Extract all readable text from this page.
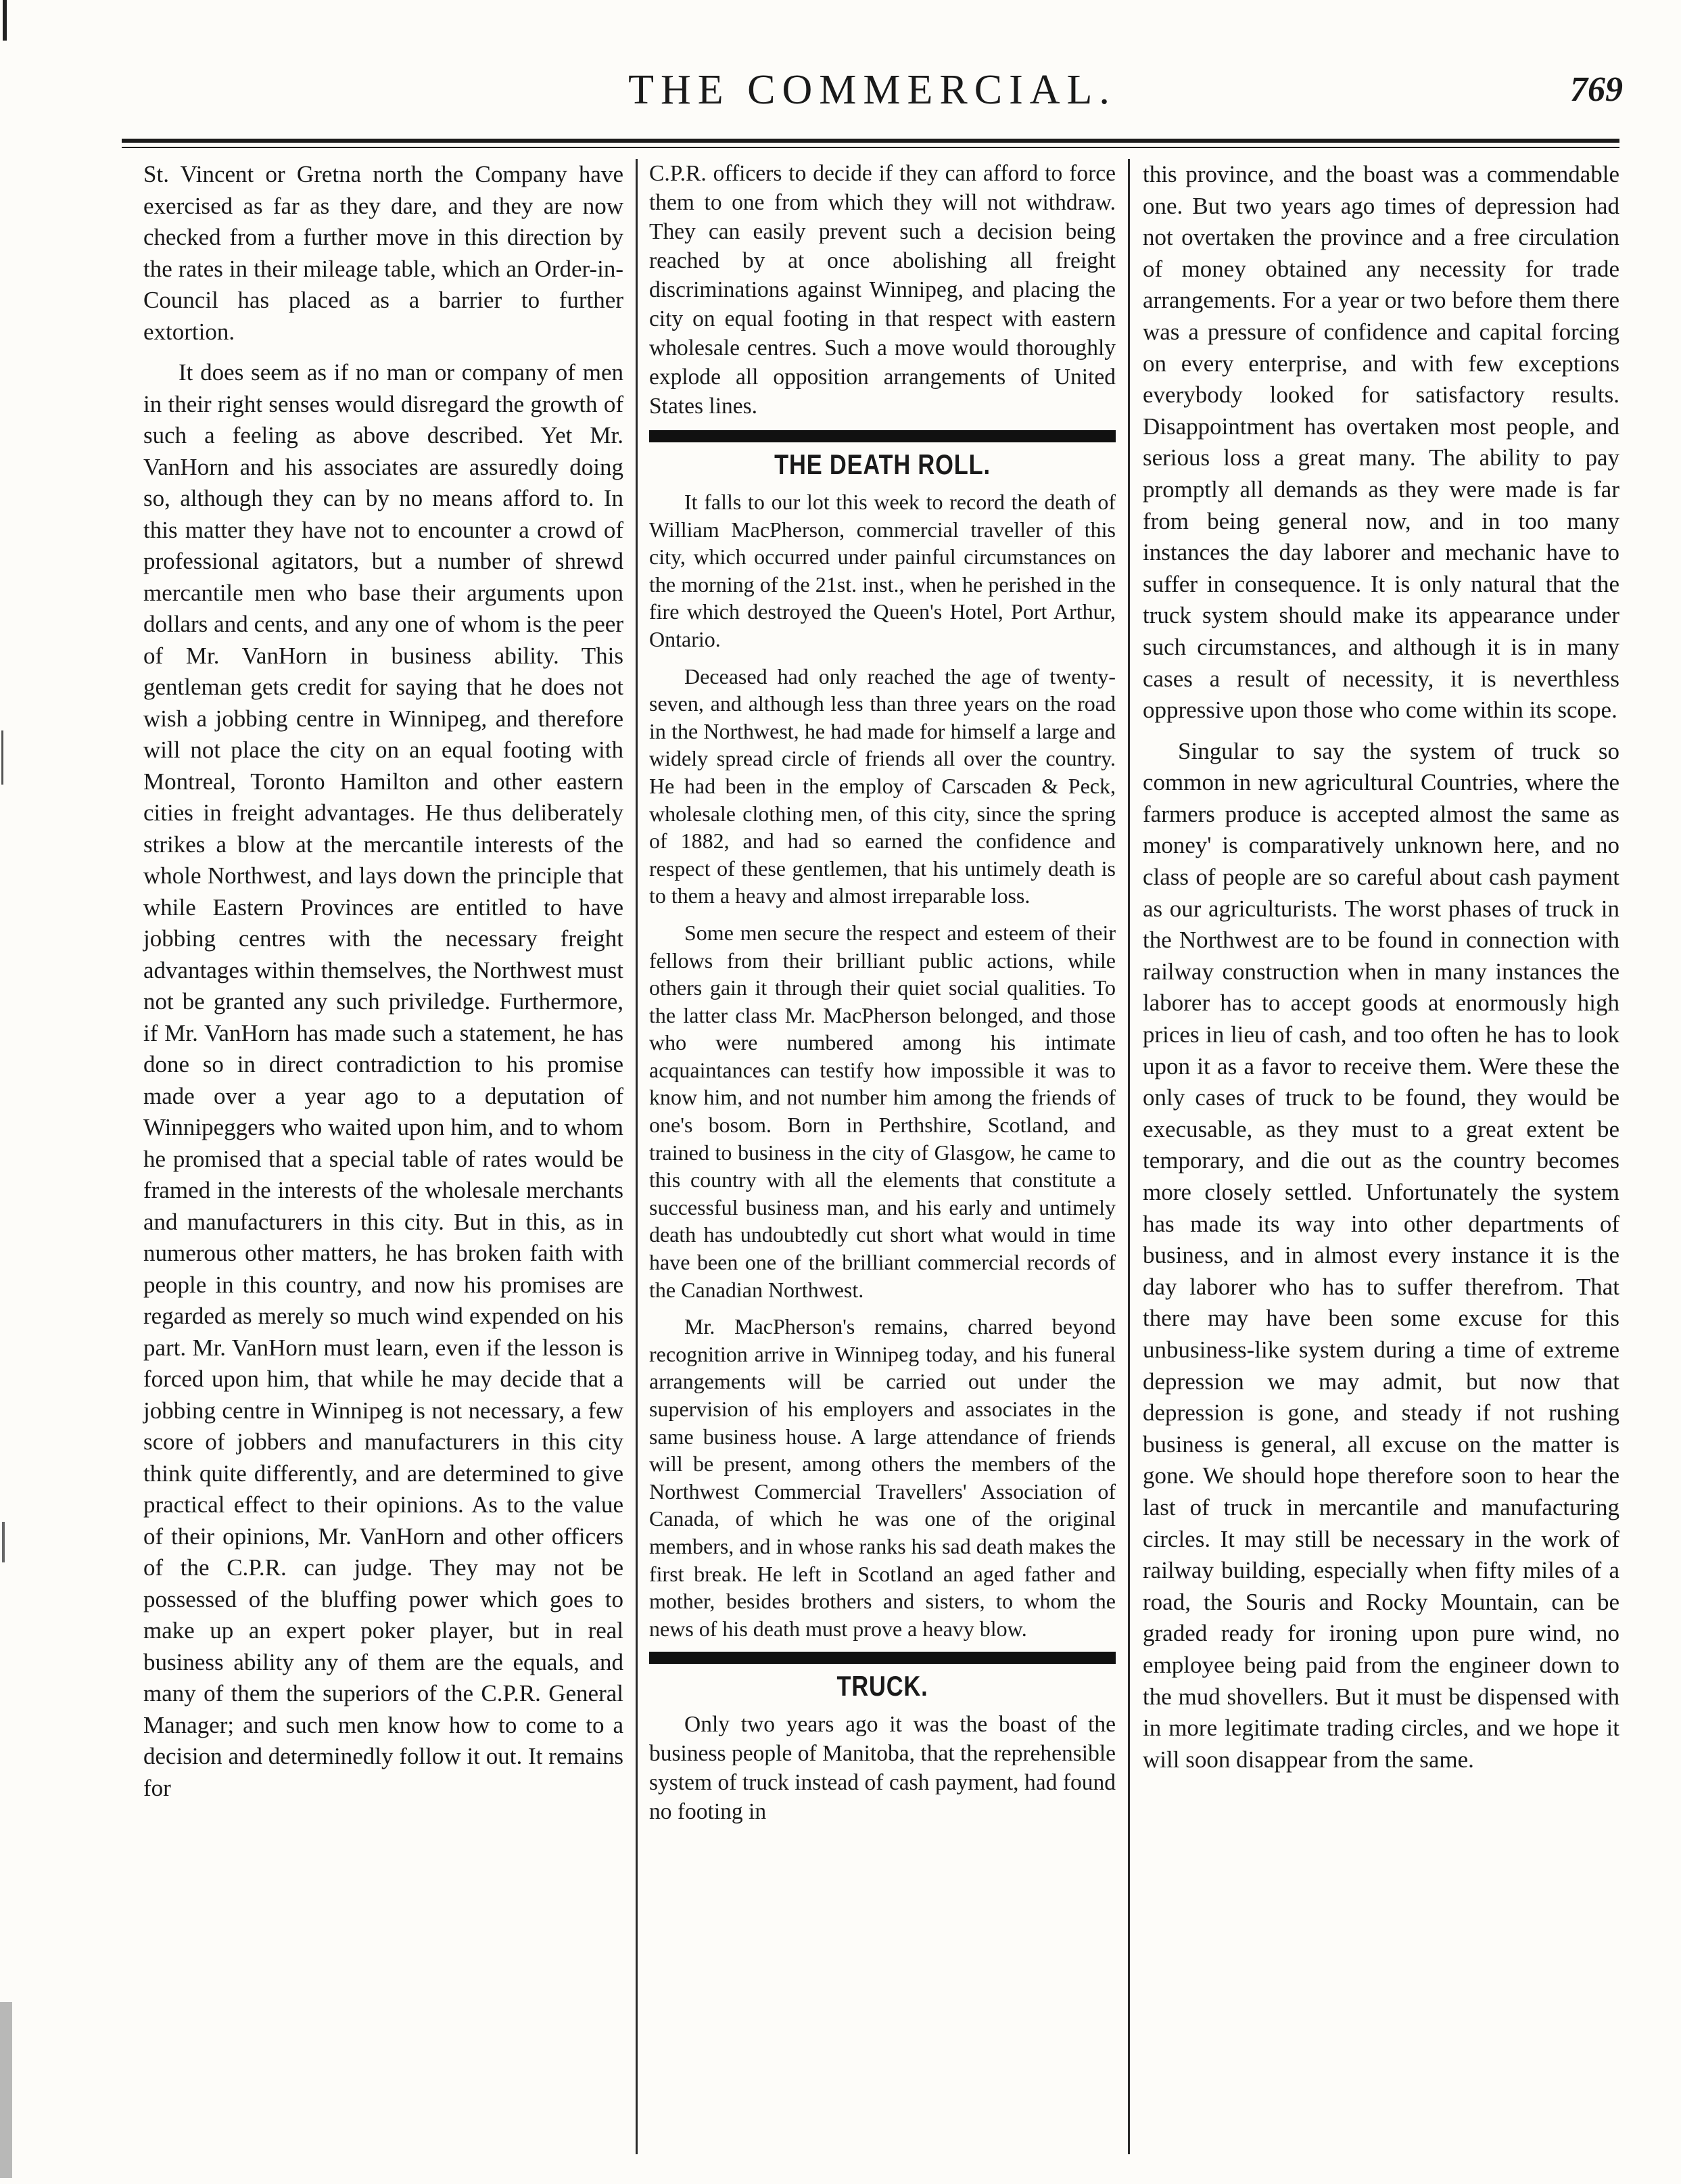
THE COMMERCIAL.	769

St. Vincent or Gretna north the Company have exercised as far as they dare, and they are now checked from a further move in this direction by the rates in their mileage table, which an Order-in-Council has placed as a barrier to further extortion.

It does seem as if no man or company of men in their right senses would disregard the growth of such a feeling as above described. Yet Mr. VanHorn and his associates are assuredly doing so, although they can by no means afford to. In this matter they have not to encounter a crowd of professional agitators, but a number of shrewd mercantile men who base their arguments upon dollars and cents, and any one of whom is the peer of Mr. VanHorn in business ability. This gentleman gets credit for saying that he does not wish a jobbing centre in Winnipeg, and therefore will not place the city on an equal footing with Montreal, Toronto Hamilton and other eastern cities in freight advantages. He thus deliberately strikes a blow at the mercantile interests of the whole Northwest, and lays down the principle that while Eastern Provinces are entitled to have jobbing centres with the necessary freight advantages within themselves, the Northwest must not be granted any such priviledge. Furthermore, if Mr. VanHorn has made such a statement, he has done so in direct contradiction to his promise made over a year ago to a deputation of Winnipeggers who waited upon him, and to whom he promised that a special table of rates would be framed in the interests of the wholesale merchants and manufacturers in this city. But in this, as in numerous other matters, he has broken faith with people in this country, and now his promises are regarded as merely so much wind expended on his part. Mr. VanHorn must learn, even if the lesson is forced upon him, that while he may decide that a jobbing centre in Winnipeg is not necessary, a few score of jobbers and manufacturers in this city think quite differently, and are determined to give practical effect to their opinions. As to the value of their opinions, Mr. VanHorn and other officers of the C.P.R. can judge. They may not be possessed of the bluffing power which goes to make up an expert poker player, but in real business ability any of them are the equals, and many of them the superiors of the C.P.R. General Manager; and such men know how to come to a decision and determinedly follow it out. It remains for

C.P.R. officers to decide if they can afford to force them to one from which they will not withdraw. They can easily prevent such a decision being reached by at once abolishing all freight discriminations against Winnipeg, and placing the city on equal footing in that respect with eastern wholesale centres. Such a move would thoroughly explode all opposition arrangements of United States lines.

THE DEATH ROLL.

It falls to our lot this week to record the death of William MacPherson, commercial traveller of this city, which occurred under painful circumstances on the morning of the 21st. inst., when he perished in the fire which destroyed the Queen's Hotel, Port Arthur, Ontario.

Deceased had only reached the age of twenty-seven, and although less than three years on the road in the Northwest, he had made for himself a large and widely spread circle of friends all over the country. He had been in the employ of Carscaden & Peck, wholesale clothing men, of this city, since the spring of 1882, and had so earned the confidence and respect of these gentlemen, that his untimely death is to them a heavy and almost irreparable loss.

Some men secure the respect and esteem of their fellows from their brilliant public actions, while others gain it through their quiet social qualities. To the latter class Mr. MacPherson belonged, and those who were numbered among his intimate acquaintances can testify how impossible it was to know him, and not number him among the friends of one's bosom. Born in Perthshire, Scotland, and trained to business in the city of Glasgow, he came to this country with all the elements that constitute a successful business man, and his early and untimely death has undoubtedly cut short what would in time have been one of the brilliant commercial records of the Canadian Northwest.

Mr. MacPherson's remains, charred beyond recognition arrive in Winnipeg today, and his funeral arrangements will be carried out under the supervision of his employers and associates in the same business house. A large attendance of friends will be present, among others the members of the Northwest Commercial Travellers' Association of Canada, of which he was one of the original members, and in whose ranks his sad death makes the first break. He left in Scotland an aged father and mother, besides brothers and sisters, to whom the news of his death must prove a heavy blow.

TRUCK.

Only two years ago it was the boast of the business people of Manitoba, that the reprehensible system of truck instead of cash payment, had found no footing in

this province, and the boast was a commendable one. But two years ago times of depression had not overtaken the province and a free circulation of money obtained any necessity for trade arrangements. For a year or two before them there was a pressure of confidence and capital forcing on every enterprise, and with few exceptions everybody looked for satisfactory results. Disappointment has overtaken most people, and serious loss a great many. The ability to pay promptly all demands as they were made is far from being general now, and in too many instances the day laborer and mechanic have to suffer in consequence. It is only natural that the truck system should make its appearance under such circumstances, and although it is in many cases a result of necessity, it is neverthless oppressive upon those who come within its scope.

Singular to say the system of truck so common in new agricultural Countries, where the farmers produce is accepted almost the same as money' is comparatively unknown here, and no class of people are so careful about cash payment as our agriculturists. The worst phases of truck in the Northwest are to be found in connection with railway construction when in many instances the laborer has to accept goods at enormously high prices in lieu of cash, and too often he has to look upon it as a favor to receive them. Were these the only cases of truck to be found, they would be execusable, as they must to a great extent be temporary, and die out as the country becomes more closely settled. Unfortunately the system has made its way into other departments of business, and in almost every instance it is the day laborer who has to suffer therefrom. That there may have been some excuse for this unbusiness-like system during a time of extreme depression we may admit, but now that depression is gone, and steady if not rushing business is general, all excuse on the matter is gone. We should hope therefore soon to hear the last of truck in mercantile and manufacturing circles. It may still be necessary in the work of railway building, especially when fifty miles of a road, the Souris and Rocky Mountain, can be graded ready for ironing upon pure wind, no employee being paid from the engineer down to the mud shovellers. But it must be dispensed with in more legitimate trading circles, and we hope it will soon disappear from the same.
